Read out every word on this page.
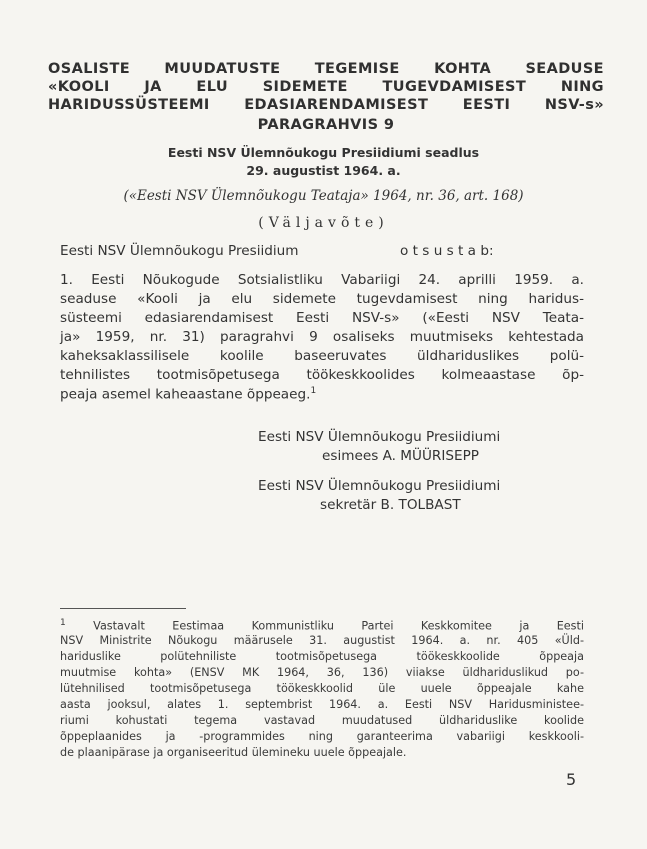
OSALISTE MUUDATUSTE TEGEMISE KOHTA SEADUSE
«KOOLI JA ELU SIDEMETE TUGEVDAMISEST NING
HARIDUSSÜSTEEMI EDASIARENDAMISEST EESTI NSV-s»
PARAGRAHVIS 9
Eesti NSV Ülemnõukogu Presiidiumi seadlus
29. augustist 1964. a.
(«Eesti NSV Ülemnõukogu Teataja» 1964, nr. 36, art. 168)
(Väljavõte)
Eesti NSV Ülemnõukogu Presiidium	o t s u s t a b:
1. Eesti Nõukogude Sotsialistliku Vabariigi 24. aprilli 1959. a.
seaduse «Kooli ja elu sidemete tugevdamisest ning haridus-
süsteemi edasiarendamisest Eesti NSV-s» («Eesti NSV Teata-
ja» 1959, nr. 31) paragrahvi 9 osaliseks muutmiseks kehtestada
kaheksaklassilisele koolile baseeruvates üldhariduslikes polü-
tehnilistes tootmisõpetusega töökeskkoolides kolmeaastase õp-
peaja asemel kaheaastane õppeaeg.$^1$
Eesti NSV Ülemnõukogu Presiidiumi
esimees A. MÜÜRISEPP
Eesti NSV Ülemnõukogu Presiidiumi
sekretär B. TOLBAST
$^1$ Vastavalt Eestimaa Kommunistliku Partei Keskkomitee ja Eesti
NSV Ministrite Nõukogu määrusele 31. augustist 1964. a. nr. 405 «Üld-
hariduslike polütehniliste tootmisõpetusega töökeskkoolide õppeaja
muutmise kohta» (ENSV MK 1964, 36, 136) viiakse üldhariduslikud po-
lütehnilised tootmisõpetusega töökeskkoolid üle uuele õppeajale kahe
aasta jooksul, alates 1. septembrist 1964. a. Eesti NSV Haridusministee-
riumi kohustati tegema vastavad muudatused üldhariduslike koolide
õppeplaanides ja -programmides ning garanteerima vabariigi keskkooli-
de plaanipärase ja organiseeritud ülemineku uuele õppeajale.
5
